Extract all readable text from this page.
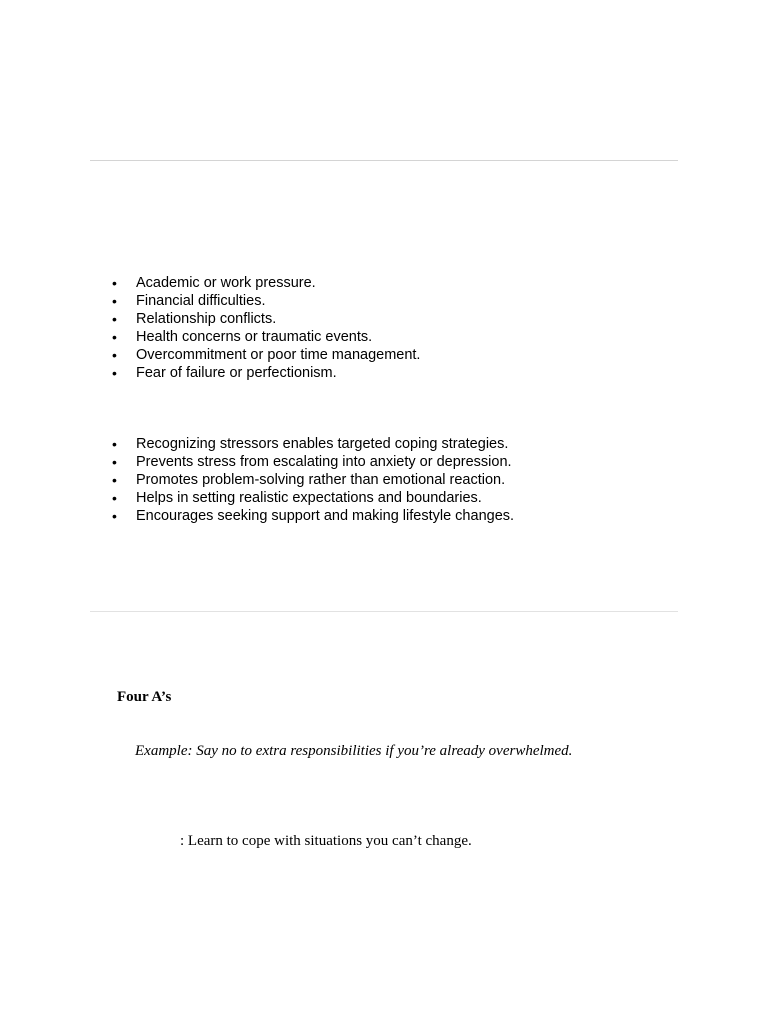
• Academic or work pressure.
• Financial difficulties.
• Relationship conflicts.
• Health concerns or traumatic events.
• Overcommitment or poor time management.
• Fear of failure or perfectionism.
• Recognizing stressors enables targeted coping strategies.
• Prevents stress from escalating into anxiety or depression.
• Promotes problem-solving rather than emotional reaction.
• Helps in setting realistic expectations and boundaries.
• Encourages seeking support and making lifestyle changes.
Four A’s
Example: Say no to extra responsibilities if you’re already overwhelmed.
: Learn to cope with situations you can’t change.
